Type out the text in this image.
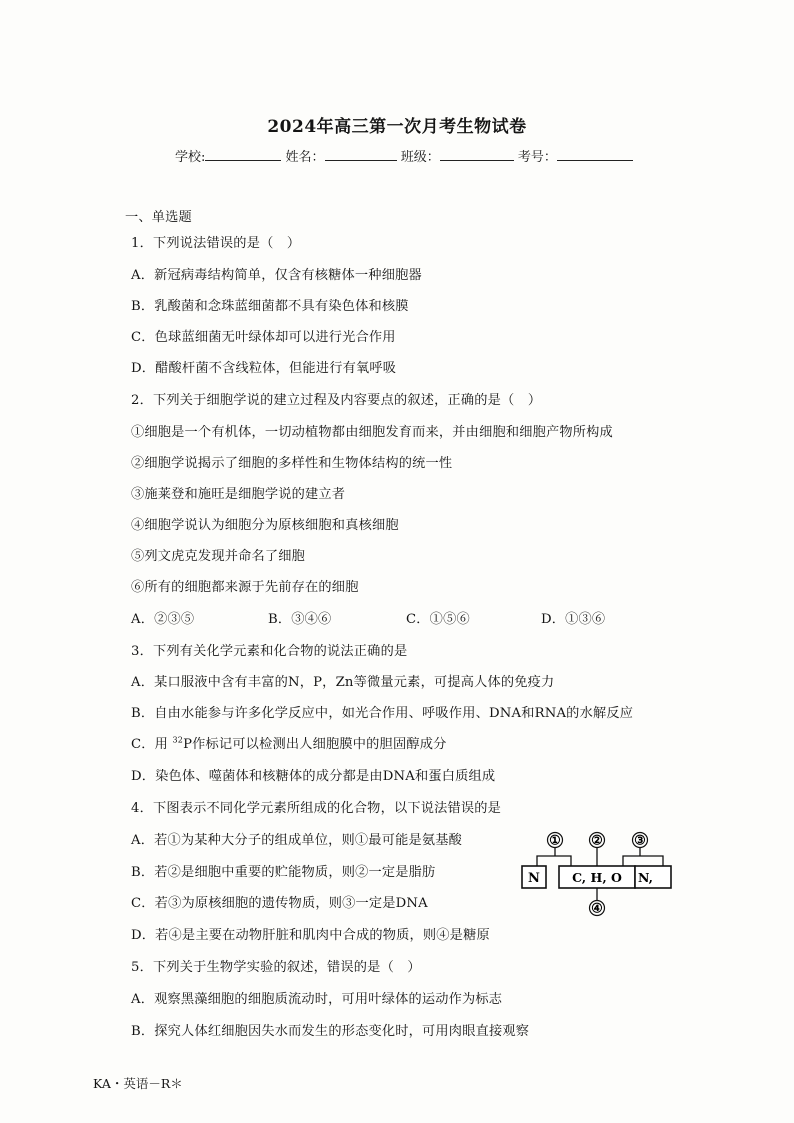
2024年高三第一次月考生物试卷
学校:	姓名：	班级：	考号：
一、单选题
1．下列说法错误的是（　）
A．新冠病毒结构简单，仅含有核糖体一种细胞器
B．乳酸菌和念珠蓝细菌都不具有染色体和核膜
C．色球蓝细菌无叶绿体却可以进行光合作用
D．醋酸杆菌不含线粒体，但能进行有氧呼吸
2．下列关于细胞学说的建立过程及内容要点的叙述，正确的是（　）
①细胞是一个有机体，一切动植物都由细胞发育而来，并由细胞和细胞产物所构成
②细胞学说揭示了细胞的多样性和生物体结构的统一性
③施莱登和施旺是细胞学说的建立者
④细胞学说认为细胞分为原核细胞和真核细胞
⑤列文虎克发现并命名了细胞
⑥所有的细胞都来源于先前存在的细胞
A．②③⑤	B．③④⑥	C．①⑤⑥	D．①③⑥
3．下列有关化学元素和化合物的说法正确的是
A．某口服液中含有丰富的N，P，Zn等微量元素，可提高人体的免疫力
B．自由水能参与许多化学反应中，如光合作用、呼吸作用、DNA和RNA的水解反应
C．用 $^{32}$P作标记可以检测出人细胞膜中的胆固醇成分
D．染色体、噬菌体和核糖体的成分都是由DNA和蛋白质组成
4．下图表示不同化学元素所组成的化合物，以下说法错误的是
A．若①为某种大分子的组成单位，则①最可能是氨基酸
B．若②是细胞中重要的贮能物质，则②一定是脂肪
C．若③为原核细胞的遗传物质，则③一定是DNA
D．若④是主要在动物肝脏和肌肉中合成的物质，则④是糖原
① ② ③
N	C, H, O N,
④
5．下列关于生物学实验的叙述，错误的是（　）
A．观察黑藻细胞的细胞质流动时，可用叶绿体的运动作为标志
B．探究人体红细胞因失水而发生的形态变化时，可用肉眼直接观察
KA・英语－R＊
